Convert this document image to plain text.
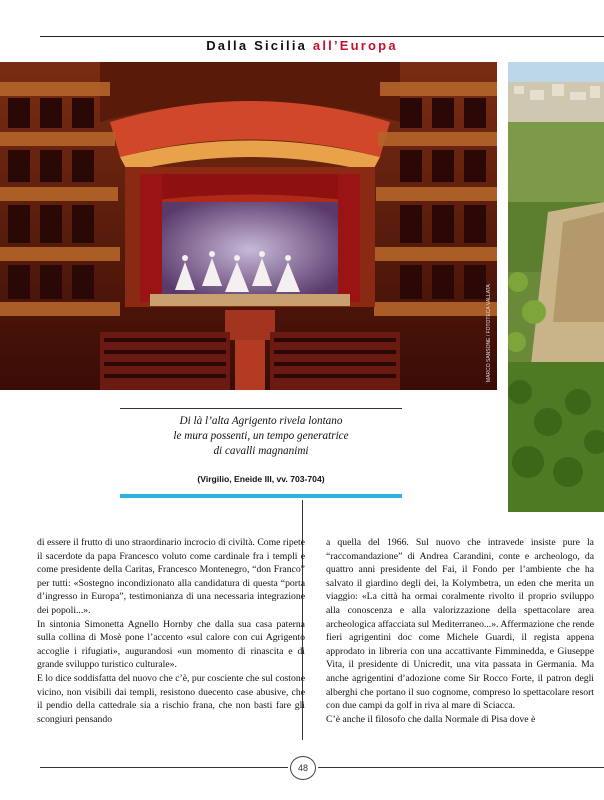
Dalla Sicilia all’Europa
MARCO SANSONE / FOTOTECA VALLATA
Di là l’alta Agrigento rivela lontano
le mura possenti, un tempo generatrice
di cavalli magnanimi
(Virgilio, Eneide III, vv. 703-704)

di essere il frutto di uno straordinario incrocio di civiltà. Come ripete il sacerdote da papa Francesco voluto come cardinale fra i templi e come presidente della Caritas, Francesco Montenegro, “don Franco” per tutti: «Sostegno incondizionato alla candidatura di questa “porta d’ingresso in Europa”, testimonianza di una necessaria integrazione dei popoli...».

In sintonia Simonetta Agnello Hornby che dalla sua casa paterna sulla collina di Mosè pone l’accento «sul calore con cui Agrigento accoglie i rifugiati», augurandosi «un momento di rinascita e di grande sviluppo turistico culturale».

E lo dice soddisfatta del nuovo che c’è, pur cosciente che sul costone vicino, non visibili dai templi, resistono duecento case abusive, che il pendio della cattedrale sia a rischio frana, che non basti fare gli scongiuri pensando

a quella del 1966. Sul nuovo che intravede insiste pure la “raccomandazione” di Andrea Carandini, conte e archeologo, da quattro anni presidente del Fai, il Fondo per l’ambiente che ha salvato il giardino degli dei, la Kolymbetra, un eden che merita un viaggio: «La città ha ormai coralmente rivolto il proprio sviluppo alla conoscenza e alla valorizzazione della spettacolare area archeologica affacciata sul Mediterraneo...». Affermazione che rende fieri agrigentini doc come Michele Guardì, il regista appena approdato in libreria con una accattivante Fimminedda, e Giuseppe Vita, il presidente di Unicredit, una vita passata in Germania. Ma anche agrigentini d’adozione come Sir Rocco Forte, il patron degli alberghi che portano il suo cognome, compreso lo spettacolare resort con due campi da golf in riva al mare di Sciacca.

C’è anche il filosofo che dalla Normale di Pisa dove è

48
